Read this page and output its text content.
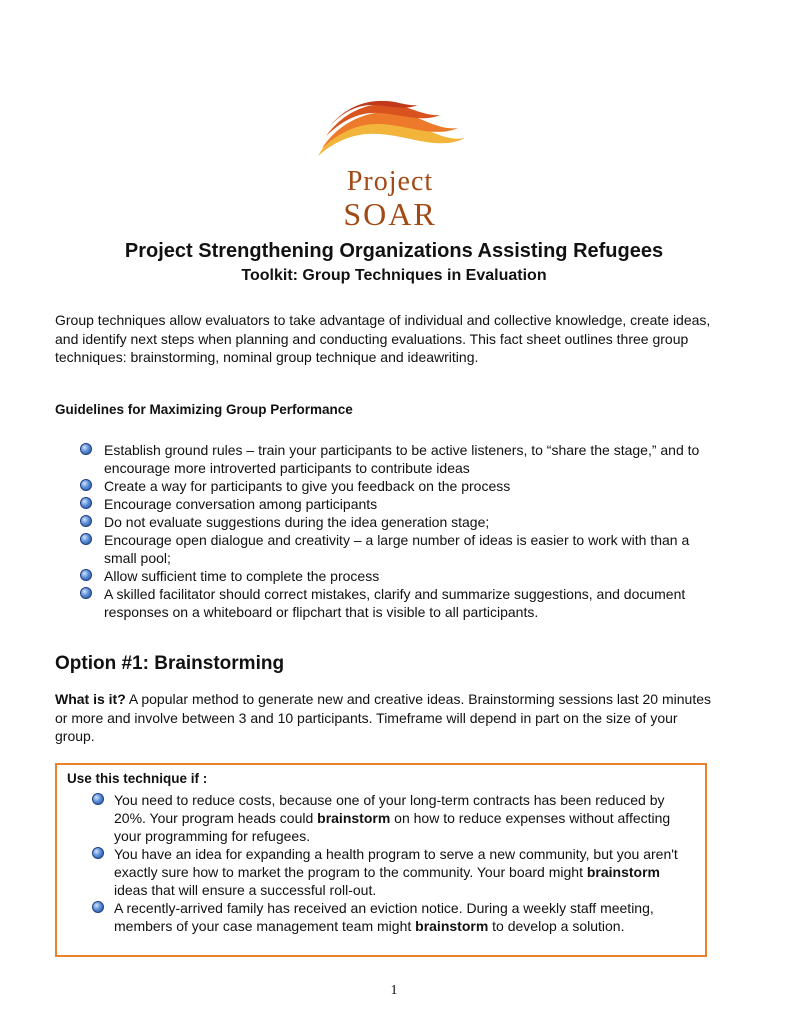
Project
SOAR
Project Strengthening Organizations Assisting Refugees
Toolkit: Group Techniques in Evaluation
Group techniques allow evaluators to take advantage of individual and collective knowledge, create ideas, and identify next steps when planning and conducting evaluations. This fact sheet outlines three group techniques: brainstorming, nominal group technique and ideawriting.
Guidelines for Maximizing Group Performance
Establish ground rules – train your participants to be active listeners, to “share the stage,” and to encourage more introverted participants to contribute ideas
Create a way for participants to give you feedback on the process
Encourage conversation among participants
Do not evaluate suggestions during the idea generation stage;
Encourage open dialogue and creativity – a large number of ideas is easier to work with than a small pool;
Allow sufficient time to complete the process
A skilled facilitator should correct mistakes, clarify and summarize suggestions, and document responses on a whiteboard or flipchart that is visible to all participants.
Option #1: Brainstorming
What is it? A popular method to generate new and creative ideas. Brainstorming sessions last 20 minutes or more and involve between 3 and 10 participants. Timeframe will depend in part on the size of your group.
Use this technique if :
You need to reduce costs, because one of your long-term contracts has been reduced by 20%. Your program heads could brainstorm on how to reduce expenses without affecting your programming for refugees.
You have an idea for expanding a health program to serve a new community, but you aren't exactly sure how to market the program to the community. Your board might brainstorm ideas that will ensure a successful roll-out.
A recently-arrived family has received an eviction notice. During a weekly staff meeting, members of your case management team might brainstorm to develop a solution.
1
